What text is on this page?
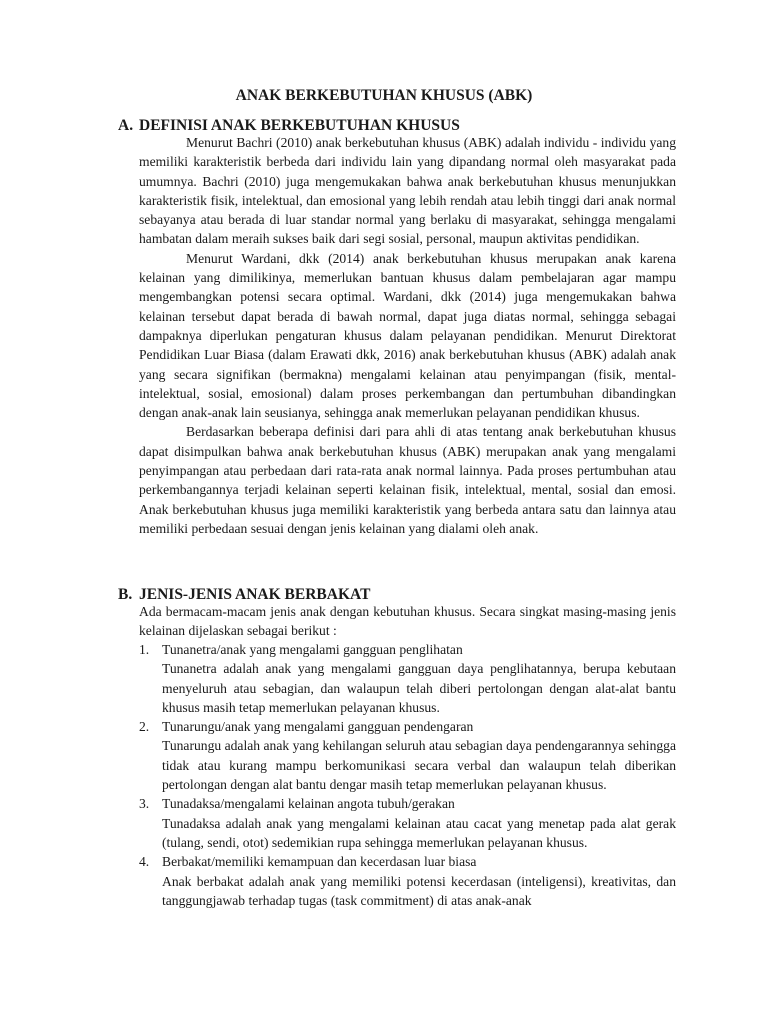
ANAK BERKEBUTUHAN KHUSUS (ABK)
A. DEFINISI ANAK BERKEBUTUHAN KHUSUS

Menurut Bachri (2010) anak berkebutuhan khusus (ABK) adalah individu - individu yang memiliki karakteristik berbeda dari individu lain yang dipandang normal oleh masyarakat pada umumnya. Bachri (2010) juga mengemukakan bahwa anak berkebutuhan khusus menunjukkan karakteristik fisik, intelektual, dan emosional yang lebih rendah atau lebih tinggi dari anak normal sebayanya atau berada di luar standar normal yang berlaku di masyarakat, sehingga mengalami hambatan dalam meraih sukses baik dari segi sosial, personal, maupun aktivitas pendidikan.

Menurut Wardani, dkk (2014) anak berkebutuhan khusus merupakan anak karena kelainan yang dimilikinya, memerlukan bantuan khusus dalam pembelajaran agar mampu mengembangkan potensi secara optimal. Wardani, dkk (2014) juga mengemukakan bahwa kelainan tersebut dapat berada di bawah normal, dapat juga diatas normal, sehingga sebagai dampaknya diperlukan pengaturan khusus dalam pelayanan pendidikan. Menurut Direktorat Pendidikan Luar Biasa (dalam Erawati dkk, 2016) anak berkebutuhan khusus (ABK) adalah anak yang secara signifikan (bermakna) mengalami kelainan atau penyimpangan (fisik, mental-intelektual, sosial, emosional) dalam proses perkembangan dan pertumbuhan dibandingkan dengan anak-anak lain seusianya, sehingga anak memerlukan pelayanan pendidikan khusus.

Berdasarkan beberapa definisi dari para ahli di atas tentang anak berkebutuhan khusus dapat disimpulkan bahwa anak berkebutuhan khusus (ABK) merupakan anak yang mengalami penyimpangan atau perbedaan dari rata-rata anak normal lainnya. Pada proses pertumbuhan atau perkembangannya terjadi kelainan seperti kelainan fisik, intelektual, mental, sosial dan emosi. Anak berkebutuhan khusus juga memiliki karakteristik yang berbeda antara satu dan lainnya atau memiliki perbedaan sesuai dengan jenis kelainan yang dialami oleh anak.

B. JENIS-JENIS ANAK BERBAKAT

Ada bermacam-macam jenis anak dengan kebutuhan khusus. Secara singkat masing-masing jenis kelainan dijelaskan sebagai berikut :

1. Tunanetra/anak yang mengalami gangguan penglihatan
Tunanetra adalah anak yang mengalami gangguan daya penglihatannya, berupa kebutaan menyeluruh atau sebagian, dan walaupun telah diberi pertolongan dengan alat-alat bantu khusus masih tetap memerlukan pelayanan khusus.
2. Tunarungu/anak yang mengalami gangguan pendengaran
Tunarungu adalah anak yang kehilangan seluruh atau sebagian daya pendengarannya sehingga tidak atau kurang mampu berkomunikasi secara verbal dan walaupun telah diberikan pertolongan dengan alat bantu dengar masih tetap memerlukan pelayanan khusus.
3. Tunadaksa/mengalami kelainan angota tubuh/gerakan
Tunadaksa adalah anak yang mengalami kelainan atau cacat yang menetap pada alat gerak (tulang, sendi, otot) sedemikian rupa sehingga memerlukan pelayanan khusus.
4. Berbakat/memiliki kemampuan dan kecerdasan luar biasa
Anak berbakat adalah anak yang memiliki potensi kecerdasan (inteligensi), kreativitas, dan tanggungjawab terhadap tugas (task commitment) di atas anak-anak
